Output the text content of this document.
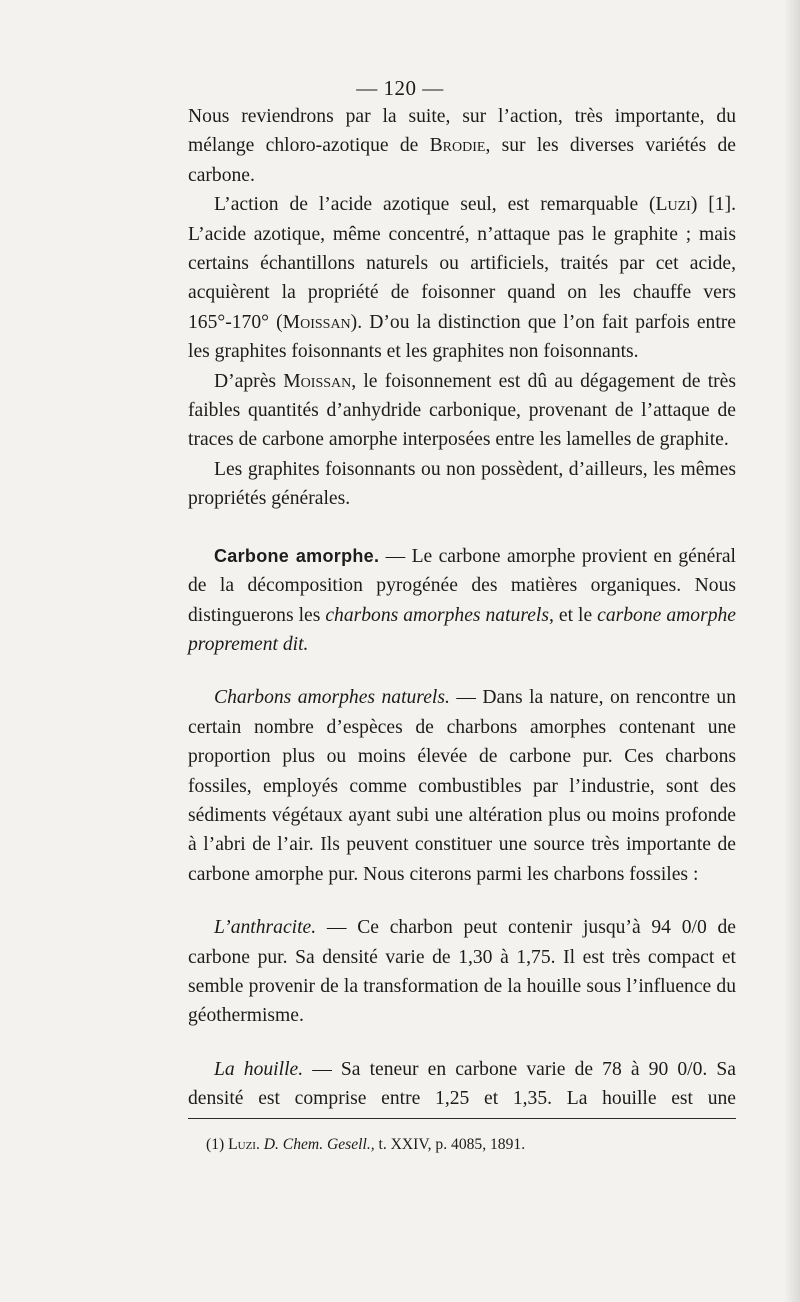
— 120 —

Nous reviendrons par la suite, sur l’action, très importante, du mélange chloro-azotique de Brodie, sur les diverses variétés de carbone.

L’action de l’acide azotique seul, est remarquable (Luzi) [1]. L’acide azotique, même concentré, n’attaque pas le graphite ; mais certains échantillons naturels ou artificiels, traités par cet acide, acquièrent la propriété de foisonner quand on les chauffe vers 165°-170° (Moissan). D’ou la distinction que l’on fait parfois entre les graphites foisonnants et les graphites non foisonnants.

D’après Moissan, le foisonnement est dû au dégagement de très faibles quantités d’anhydride carbonique, provenant de l’attaque de traces de carbone amorphe interposées entre les lamelles de graphite.

Les graphites foisonnants ou non possèdent, d’ailleurs, les mêmes propriétés générales.

Carbone amorphe. — Le carbone amorphe provient en général de la décomposition pyrogénée des matières organiques. Nous distinguerons les charbons amorphes naturels, et le carbone amorphe proprement dit.

Charbons amorphes naturels. — Dans la nature, on rencontre un certain nombre d’espèces de charbons amorphes contenant une proportion plus ou moins élevée de carbone pur. Ces charbons fossiles, employés comme combustibles par l’industrie, sont des sédiments végétaux ayant subi une altération plus ou moins profonde à l’abri de l’air. Ils peuvent constituer une source très importante de carbone amorphe pur. Nous citerons parmi les charbons fossiles :

L’anthracite. — Ce charbon peut contenir jusqu’à 94 0/0 de carbone pur. Sa densité varie de 1,30 à 1,75. Il est très compact et semble provenir de la transformation de la houille sous l’influence du géothermisme.

La houille. — Sa teneur en carbone varie de 78 à 90 0/0. Sa densité est comprise entre 1,25 et 1,35. La houille est une

(1) Luzi. D. Chem. Gesell., t. XXIV, p. 4085, 1891.
